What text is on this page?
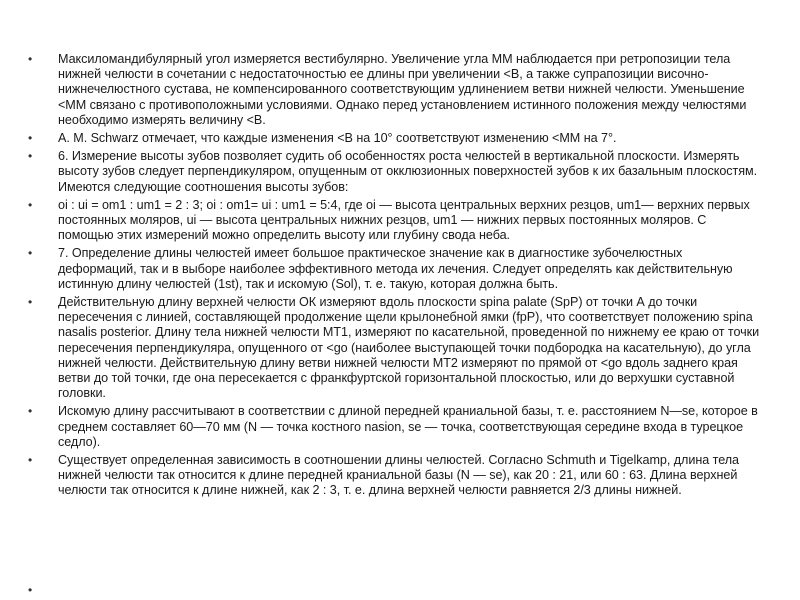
• Максиломандибулярный угол измеряется вестибулярно. Увеличение угла ММ наблюдается при ретропозиции тела нижней челюсти в сочетании с недостаточностью ее длины при увеличении <В, а также супрапозиции височно-нижнечелюстного сустава, не компенсированного соответствующим удлинением ветви нижней челюсти. Уменьшение <ММ связано с противоположными условиями. Однако перед установлением истинного положения между челюстями необходимо измерять величину <В.
• А. М. Schwarz отмечает, что каждые изменения <В на 10° соответствуют изменению <ММ на 7°.
• 6. Измерение высоты зубов позволяет судить об особенностях роста челюстей в вертикальной плоскости. Измерять высоту зубов следует перпендикуляром, опущенным от окклюзионных поверхностей зубов к их базальным плоскостям. Имеются следующие соотношения высоты зубов:
• oi : ui = om1 : um1 = 2 : 3; oi : om1= ui : um1 = 5:4, где oi — высота центральных верхних резцов, um1— верхних первых постоянных моляров, ui — высота центральных нижних резцов, um1 — нижних первых постоянных моляров. С помощью этих измерений можно определить высоту или глубину свода неба.
• 7. Определение длины челюстей имеет большое практическое значение как в диагностике зубочелюстных деформаций, так и в выборе наиболее эффективного метода их лечения. Следует определять как действительную истинную длину челюстей (1st), так и искомую (Sol), т. е. такую, которая должна быть.
• Действительную длину верхней челюсти ОК измеряют вдоль плоскости spina palate (SpP) от точки А до точки пересечения с линией, составляющей продолжение щели крылонебной ямки (fpP), что соответствует положению spina nasalis posterior. Длину тела нижней челюсти МТ1, измеряют по касательной, проведенной по нижнему ее краю от точки пересечения перпендикуляра, опущенного от <go (наиболее выступающей точки подбородка на касательную), до угла нижней челюсти. Действительную длину ветви нижней челюсти МТ2 измеряют по прямой от <go вдоль заднего края ветви до той точки, где она пересекается с франкфуртской горизонтальной плоскостью, или до верхушки суставной головки.
• Искомую длину рассчитывают в соответствии с длиной передней краниальной базы, т. е. расстоянием N—se, которое в среднем составляет 60—70 мм (N — точка костного nasion, se — точка, соответствующая середине входа в турецкое седло).
• Существует определенная зависимость в соотношении длины челюстей. Согласно Schmuth и Tigelkamp, длина тела нижней челюсти так относится к длине передней краниальной базы (N — se), как 20 : 21, или 60 : 63. Длина верхней челюсти так относится к длине нижней, как 2 : 3, т. е. длина верхней челюсти равняется 2/3 длины нижней.
•
